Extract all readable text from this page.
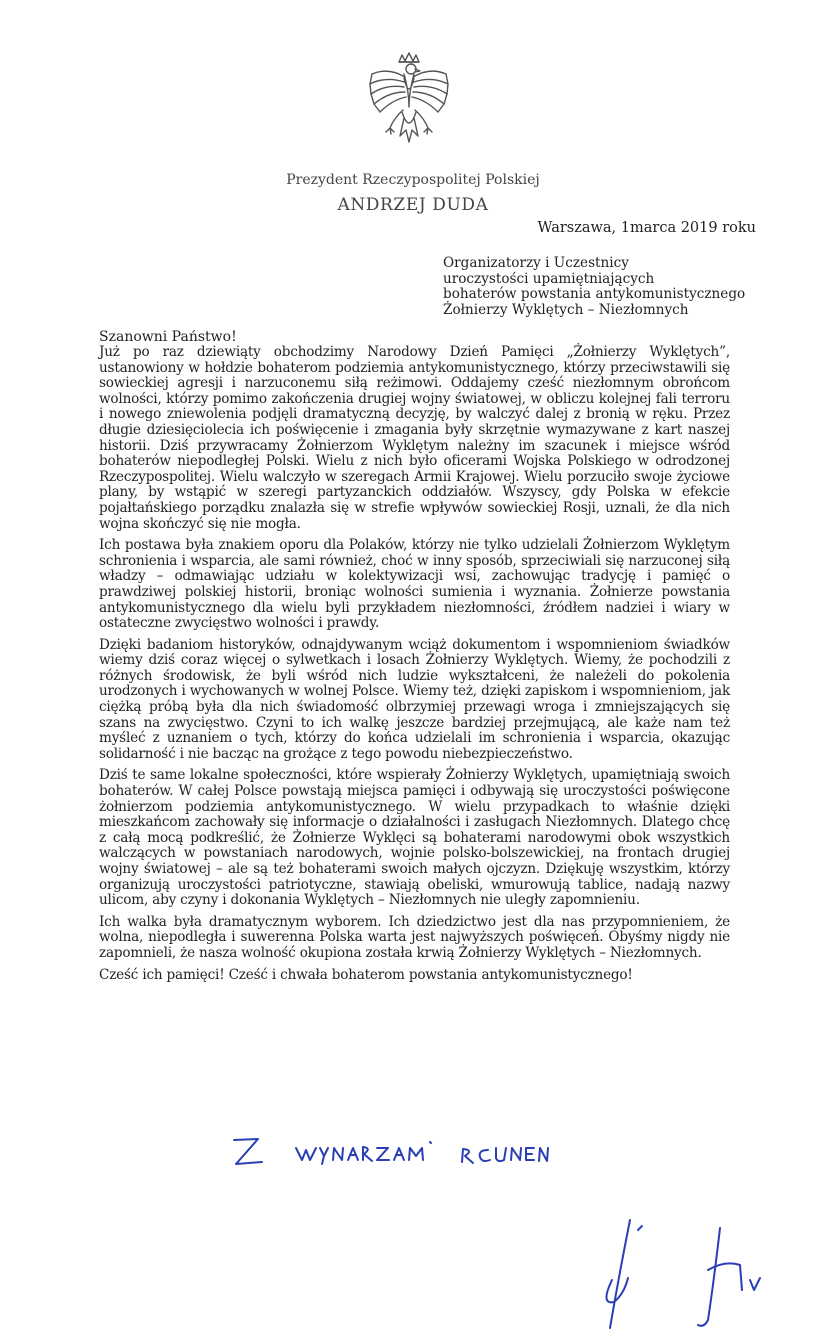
Prezydent Rzeczypospolitej Polskiej
ANDRZEJ DUDA
Warszawa, 1marca 2019 roku
Organizatorzy i Uczestnicy
uroczystości upamiętniających
bohaterów powstania antykomunistycznego
Żołnierzy Wyklętych – Niezłomnych
Szanowni Państwo!

Już po raz dziewiąty obchodzimy Narodowy Dzień Pamięci „Żołnierzy Wyklętych”, ustanowiony w hołdzie bohaterom podziemia antykomunistycznego, którzy przeciwstawili się sowieckiej agresji i narzuconemu siłą reżimowi. Oddajemy cześć niezłomnym obrońcom wolności, którzy pomimo zakończenia drugiej wojny światowej, w obliczu kolejnej fali terroru i nowego zniewolenia podjęli dramatyczną decyzję, by walczyć dalej z bronią w ręku. Przez długie dziesięciolecia ich poświęcenie i zmagania były skrzętnie wymazywane z kart naszej historii. Dziś przywracamy Żołnierzom Wyklętym należny im szacunek i miejsce wśród bohaterów niepodległej Polski. Wielu z nich było oficerami Wojska Polskiego w odrodzonej Rzeczypospolitej. Wielu walczyło w szeregach Armii Krajowej. Wielu porzuciło swoje życiowe plany, by wstąpić w szeregi partyzanckich oddziałów. Wszyscy, gdy Polska w efekcie pojałtańskiego porządku znalazła się w strefie wpływów sowieckiej Rosji, uznali, że dla nich wojna skończyć się nie mogła.

Ich postawa była znakiem oporu dla Polaków, którzy nie tylko udzielali Żołnierzom Wyklętym schronienia i wsparcia, ale sami również, choć w inny sposób, sprzeciwiali się narzuconej siłą władzy – odmawiając udziału w kolektywizacji wsi, zachowując tradycję i pamięć o prawdziwej polskiej historii, broniąc wolności sumienia i wyznania. Żołnierze powstania antykomunistycznego dla wielu byli przykładem niezłomności, źródłem nadziei i wiary w ostateczne zwycięstwo wolności i prawdy.

Dzięki badaniom historyków, odnajdywanym wciąż dokumentom i wspomnieniom świadków wiemy dziś coraz więcej o sylwetkach i losach Żołnierzy Wyklętych. Wiemy, że pochodzili z różnych środowisk, że byli wśród nich ludzie wykształceni, że należeli do pokolenia urodzonych i wychowanych w wolnej Polsce. Wiemy też, dzięki zapiskom i wspomnieniom, jak ciężką próbą była dla nich świadomość olbrzymiej przewagi wroga i zmniejszających się szans na zwycięstwo. Czyni to ich walkę jeszcze bardziej przejmującą, ale każe nam też myśleć z uznaniem o tych, którzy do końca udzielali im schronienia i wsparcia, okazując solidarność i nie bacząc na grożące z tego powodu niebezpieczeństwo.

Dziś te same lokalne społeczności, które wspierały Żołnierzy Wyklętych, upamiętniają swoich bohaterów. W całej Polsce powstają miejsca pamięci i odbywają się uroczystości poświęcone żołnierzom podziemia antykomunistycznego. W wielu przypadkach to właśnie dzięki mieszkańcom zachowały się informacje o działalności i zasługach Niezłomnych. Dlatego chcę z całą mocą podkreślić, że Żołnierze Wyklęci są bohaterami narodowymi obok wszystkich walczących w powstaniach narodowych, wojnie polsko-bolszewickiej, na frontach drugiej wojny światowej – ale są też bohaterami swoich małych ojczyzn. Dziękuję wszystkim, którzy organizują uroczystości patriotyczne, stawiają obeliski, wmurowują tablice, nadają nazwy ulicom, aby czyny i dokonania Wyklętych – Niezłomnych nie uległy zapomnieniu.

Ich walka była dramatycznym wyborem. Ich dziedzictwo jest dla nas przypomnieniem, że wolna, niepodległa i suwerenna Polska warta jest najwyższych poświęceń. Obyśmy nigdy nie zapomnieli, że nasza wolność okupiona została krwią Żołnierzy Wyklętych – Niezłomnych.

Cześć ich pamięci! Cześć i chwała bohaterom powstania antykomunistycznego!
